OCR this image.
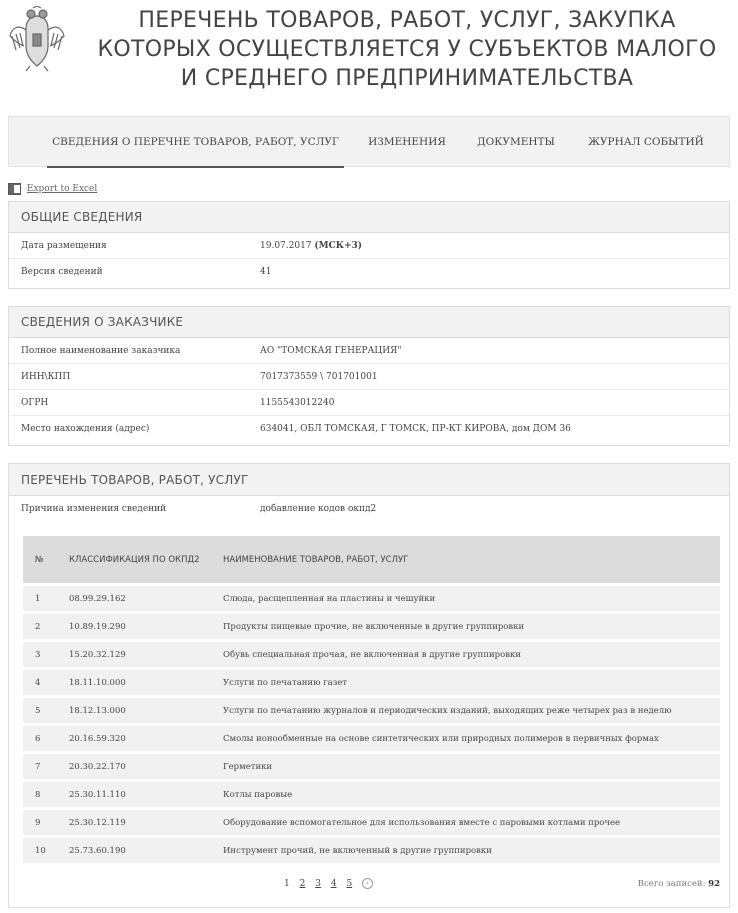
ПЕРЕЧЕНЬ ТОВАРОВ, РАБОТ, УСЛУГ, ЗАКУПКА
КОТОРЫХ ОСУЩЕСТВЛЯЕТСЯ У СУБЪЕКТОВ МАЛОГО
И СРЕДНЕГО ПРЕДПРИНИМАТЕЛЬСТВА
СВЕДЕНИЯ О ПЕРЕЧНЕ ТОВАРОВ, РАБОТ, УСЛУГ	ИЗМЕНЕНИЯ	ДОКУМЕНТЫ	ЖУРНАЛ СОБЫТИЙ
Export to Excel
ОБЩИЕ СВЕДЕНИЯ
Дата размещения	19.07.2017 (МСК+3)
Версия сведений	41
СВЕДЕНИЯ О ЗАКАЗЧИКЕ
Полное наименование заказчика	АО "ТОМСКАЯ ГЕНЕРАЦИЯ"
ИНН\КПП	7017373559 \ 701701001
ОГРН	1155543012240
Место нахождения (адрес)	634041, ОБЛ ТОМСКАЯ, Г ТОМСК, ПР-КТ КИРОВА, дом ДОМ 36
ПЕРЕЧЕНЬ ТОВАРОВ, РАБОТ, УСЛУГ
Причина изменения сведений	добавление кодов окпд2
№	КЛАССИФИКАЦИЯ ПО ОКПД2	НАИМЕНОВАНИЕ ТОВАРОВ, РАБОТ, УСЛУГ
1	08.99.29.162	Слюда, расщепленная на пластины и чешуйки
2	10.89.19.290	Продукты пищевые прочие, не включенные в другие группировки
3	15.20.32.129	Обувь специальная прочая, не включенная в другие группировки
4	18.11.10.000	Услуги по печатанию газет
5	18.12.13.000	Услуги по печатанию журналов и периодических изданий, выходящих реже четырех раз в неделю
6	20.16.59.320	Смолы ионообменные на основе синтетических или природных полимеров в первичных формах
7	20.30.22.170	Герметики
8	25.30.11.110	Котлы паровые
9	25.30.12.119	Оборудование вспомогательное для использования вместе с паровыми котлами прочее
10	25.73.60.190	Инструмент прочий, не включенный в другие группировки
1 2 3 4 5 ›	Всего записей: 92
